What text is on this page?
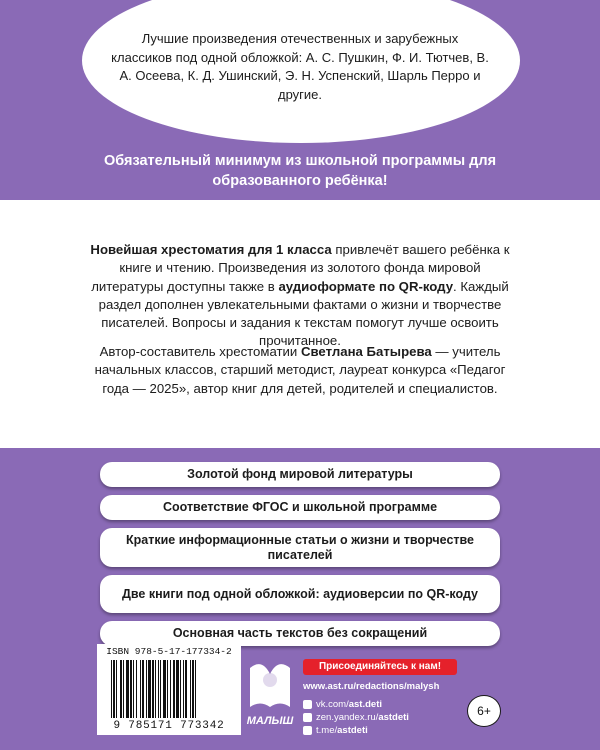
Лучшие произведения отечественных и зарубежных классиков под одной обложкой: А. С. Пушкин, Ф. И. Тютчев, В. А. Осеева, К. Д. Ушинский, Э. Н. Успенский, Шарль Перро и другие.
Обязательный минимум из школьной программы для образованного ребёнка!

Новейшая хрестоматия для 1 класса привлечёт вашего ребёнка к книге и чтению. Произведения из золотого фонда мировой литературы доступны также в аудиоформате по QR-коду. Каждый раздел дополнен увлекательными фактами о жизни и творчестве писателей. Вопросы и задания к текстам помогут лучше освоить прочитанное.

Автор-составитель хрестоматии Светлана Батырева — учитель начальных классов, старший методист, лауреат конкурса «Педагог года — 2025», автор книг для детей, родителей и специалистов.

Золотой фонд мировой литературы
Соответствие ФГОС и школьной программе
Краткие информационные статьи о жизни и творчестве писателей
Две книги под одной обложкой: аудиоверсии по QR-коду
Основная часть текстов без сокращений
ISBN 978-5-17-177334-2
9 785171 773342	МАЛЫШ
Присоединяйтесь к нам!
www.ast.ru/redactions/malysh
vk.com/ ast.deti
zen.yandex.ru/ astdeti
t.me/ astdeti
6+
